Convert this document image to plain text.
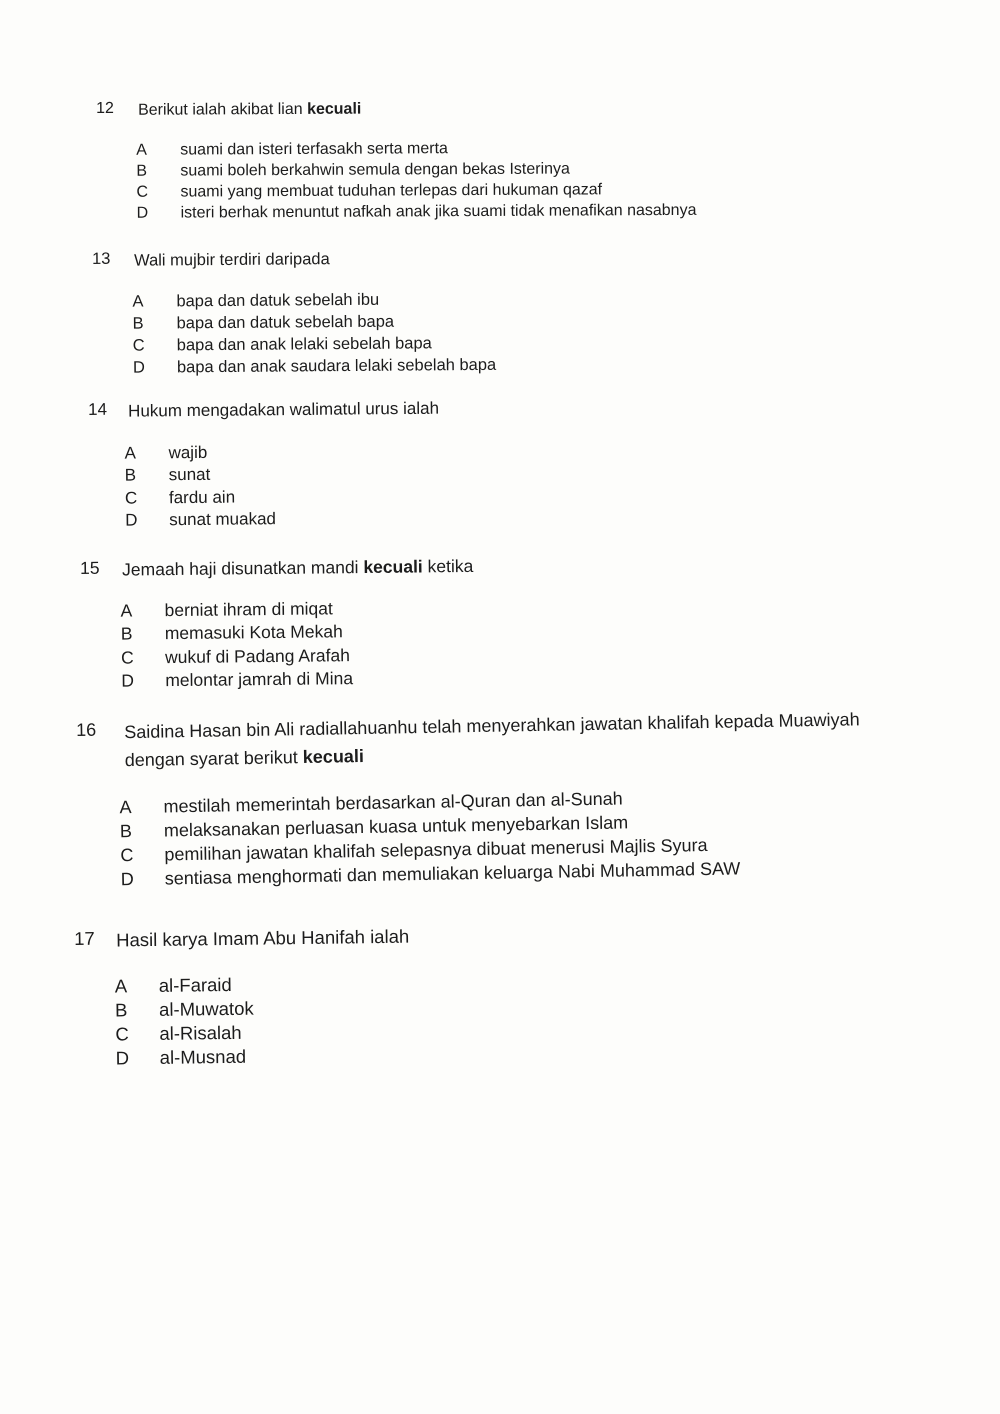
12	Berikut ialah akibat lian kecuali
A	suami dan isteri terfasakh serta merta
B	suami boleh berkahwin semula dengan bekas Isterinya
C	suami yang membuat tuduhan terlepas dari hukuman qazaf
D	isteri berhak menuntut nafkah anak jika suami tidak menafikan nasabnya
13	Wali mujbir terdiri daripada
A	bapa dan datuk sebelah ibu
B	bapa dan datuk sebelah bapa
C	bapa dan anak lelaki sebelah bapa
D	bapa dan anak saudara lelaki sebelah bapa
14	Hukum mengadakan walimatul urus ialah
A	wajib
B	sunat
C	fardu ain
D	sunat muakad
15	Jemaah haji disunatkan mandi kecuali ketika
A	berniat ihram di miqat
B	memasuki Kota Mekah
C	wukuf di Padang Arafah
D	melontar jamrah di Mina
16	Saidina Hasan bin Ali radiallahuanhu telah menyerahkan jawatan khalifah kepada Muawiyah dengan syarat berikut kecuali
A	mestilah memerintah berdasarkan al-Quran dan al-Sunah
B	melaksanakan perluasan kuasa untuk menyebarkan Islam
C	pemilihan jawatan khalifah selepasnya dibuat menerusi Majlis Syura
D	sentiasa menghormati dan memuliakan keluarga Nabi Muhammad SAW
17	Hasil karya Imam Abu Hanifah ialah
A	al-Faraid
B	al-Muwatok
C	al-Risalah
D	al-Musnad
